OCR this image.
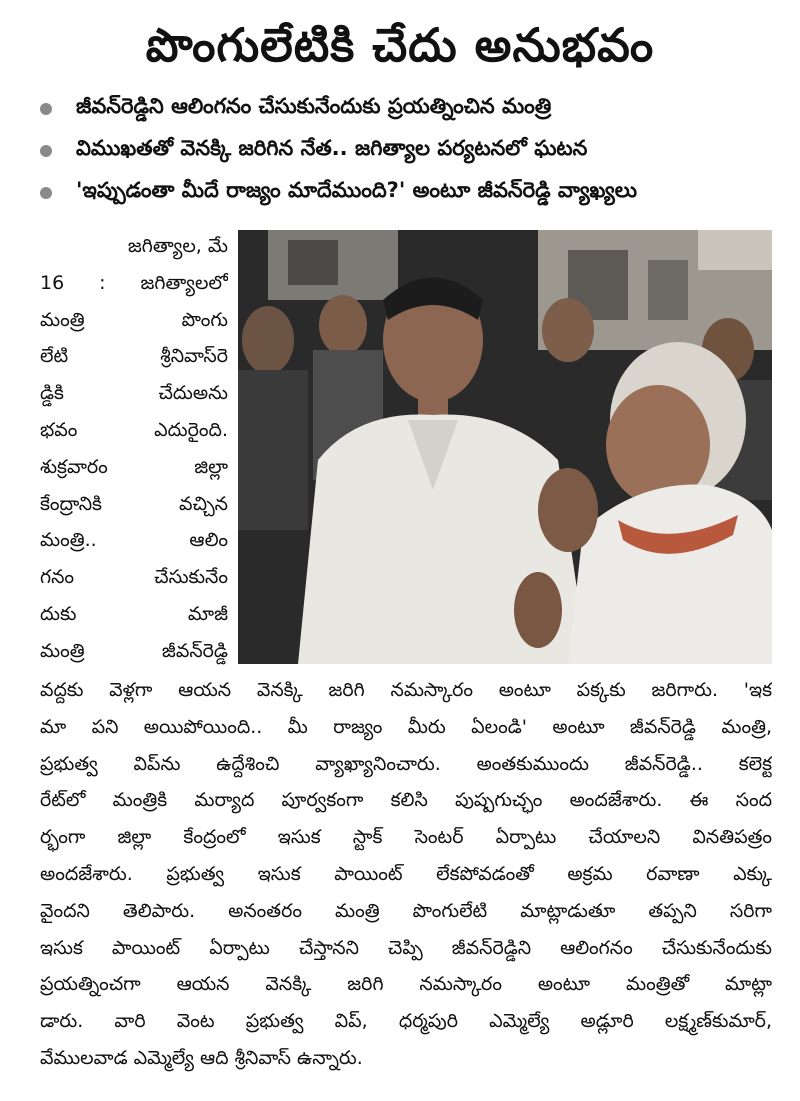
పొంగులేటికి చేదు అనుభవం
జీవన్‌రెడ్డిని ఆలింగనం చేసుకునేందుకు ప్రయత్నించిన మంత్రి
విముఖతతో వెనక్కి జరిగిన నేత.. జగిత్యాల పర్యటనలో ఘటన
'ఇప్పుడంతా మీదే రాజ్యం మాదేముంది?' అంటూ జీవన్‌రెడ్డి వ్యాఖ్యలు
జగిత్యాల, మే
16 : జగిత్యాలలో
మంత్రి పొంగు
లేటి శ్రీనివాస్‌రె
డ్డికి చేదుఅను
భవం ఎదురైంది.
శుక్రవారం జిల్లా
కేంద్రానికి వచ్చిన
మంత్రి.. ఆలిం
గనం చేసుకునేం
దుకు మాజీ
మంత్రి జీవన్‌రెడ్డి
వద్దకు వెళ్లగా ఆయన వెనక్కి జరిగి నమస్కారం అంటూ పక్కకు జరిగారు. 'ఇక
మా పని అయిపోయింది.. మీ రాజ్యం మీరు ఏలండి' అంటూ జీవన్‌రెడ్డి మంత్రి,
ప్రభుత్వ విప్‌ను ఉద్దేశించి వ్యాఖ్యానించారు. అంతకుముందు జీవన్‌రెడ్డి.. కలెక్ట
రేట్‌లో మంత్రికి మర్యాద పూర్వకంగా కలిసి పుష్పగుచ్ఛం అందజేశారు. ఈ సంద
ర్భంగా జిల్లా కేంద్రంలో ఇసుక స్టాక్ సెంటర్ ఏర్పాటు చేయాలని వినతిపత్రం
అందజేశారు. ప్రభుత్వ ఇసుక పాయింట్ లేకపోవడంతో అక్రమ రవాణా ఎక్కు
వైందని తెలిపారు. అనంతరం మంత్రి పొంగులేటి మాట్లాడుతూ తప్పని సరిగా
ఇసుక పాయింట్ ఏర్పాటు చేస్తానని చెప్పి జీవన్‌రెడ్డిని ఆలింగనం చేసుకునేందుకు
ప్రయత్నించగా ఆయన వెనక్కి జరిగి నమస్కారం అంటూ మంత్రితో మాట్లా
డారు. వారి వెంట ప్రభుత్వ విప్, ధర్మపురి ఎమ్మెల్యే అడ్లూరి లక్ష్మణ్‌కుమార్,
వేములవాడ ఎమ్మెల్యే ఆది శ్రీనివాస్ ఉన్నారు.
